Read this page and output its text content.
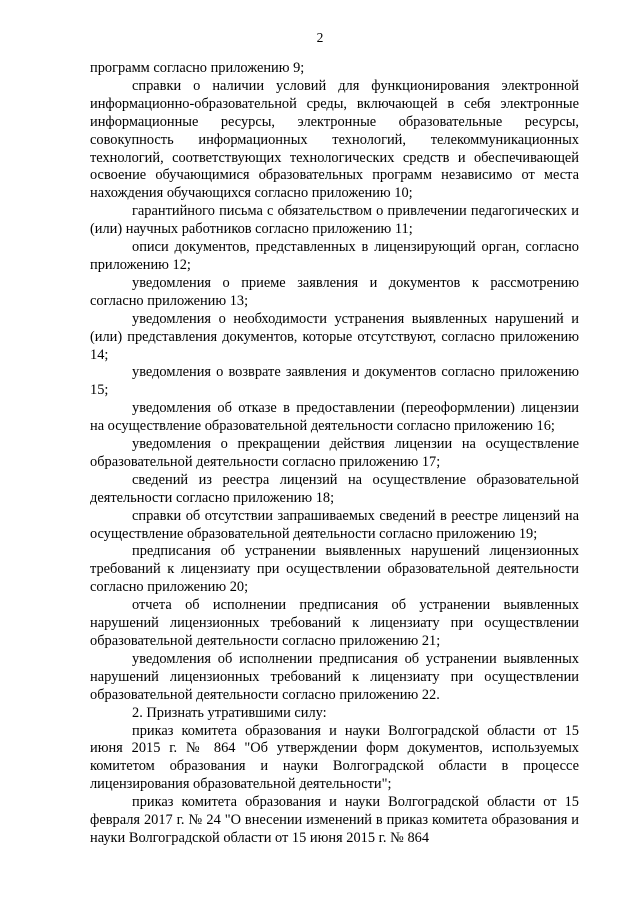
2

программ согласно приложению 9;

справки о наличии условий для функционирования электронной информационно-образовательной среды, включающей в себя электронные информационные ресурсы, электронные образовательные ресурсы, совокупность информационных технологий, телекоммуникационных технологий, соответствующих технологических средств и обеспечивающей освоение обучающимися образовательных программ независимо от места нахождения обучающихся согласно приложению 10;

гарантийного письма с обязательством о привлечении педагогических и (или) научных работников согласно приложению 11;

описи документов, представленных в лицензирующий орган, согласно приложению 12;

уведомления о приеме заявления и документов к рассмотрению согласно приложению 13;

уведомления о необходимости устранения выявленных нарушений и (или) представления документов, которые отсутствуют, согласно приложению 14;

уведомления о возврате заявления и документов согласно приложению 15;

уведомления об отказе в предоставлении (переоформлении) лицензии на осуществление образовательной деятельности согласно приложению 16;

уведомления о прекращении действия лицензии на осуществление образовательной деятельности согласно приложению 17;

сведений из реестра лицензий на осуществление образовательной деятельности согласно приложению 18;

справки об отсутствии запрашиваемых сведений в реестре лицензий на осуществление образовательной деятельности согласно приложению 19;

предписания об устранении выявленных нарушений лицензионных требований к лицензиату при осуществлении образовательной деятельности согласно приложению 20;

отчета об исполнении предписания об устранении выявленных нарушений лицензионных требований к лицензиату при осуществлении образовательной деятельности согласно приложению 21;

уведомления об исполнении предписания об устранении выявленных нарушений лицензионных требований к лицензиату при осуществлении образовательной деятельности согласно приложению 22.

2. Признать утратившими силу:

приказ комитета образования и науки Волгоградской области от 15 июня 2015 г. № 864 "Об утверждении форм документов, используемых комитетом образования и науки Волгоградской области в процессе лицензирования образовательной деятельности";

приказ комитета образования и науки Волгоградской области от 15 февраля 2017 г. № 24 "О внесении изменений в приказ комитета образования и науки Волгоградской области от 15 июня 2015 г. № 864
